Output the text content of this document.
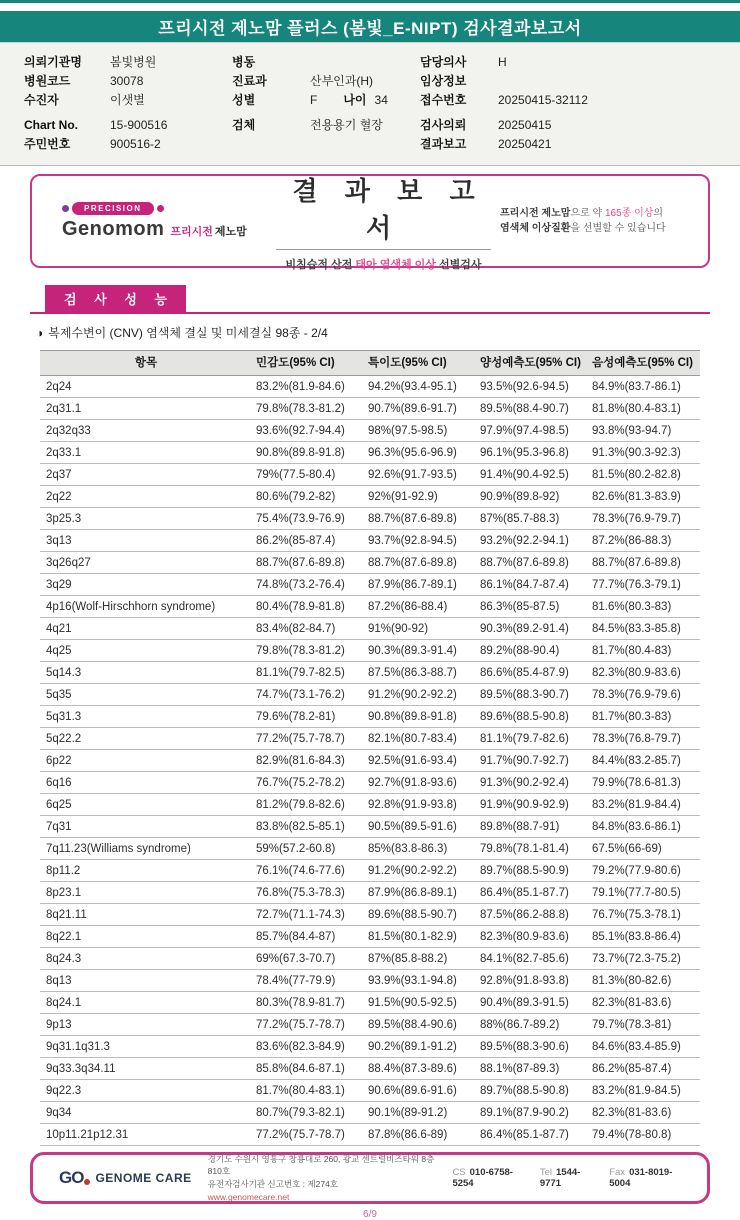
프리시전 제노맘 플러스 (봄빛_E-NIPT) 검사결과보고서
의뢰기관명	봄빛병원
병원코드	30078
수진자	이샛별
Chart No.	15-900516
주민번호	900516-2
병동
진료과	산부인과(H)
성별	F 나이 34
검체	전용용기 혈장
담당의사	H
임상정보
접수번호	20250415-32112
검사의뢰	20250415
결과보고	20250421
PRECISION
Genomom 프리시전 제노맘
결 과 보 고 서
비침습적 산전 태아 염색체 이상 선별검사
프리시전 제노맘으로 약 165종 이상의
염색체 이상질환을 선별할 수 있습니다
검 사 성 능
◑ 복제수변이 (CNV) 염색체 결실 및 미세결실 98종 - 2/4
항목	민감도(95% CI)	특이도(95% CI)	양성예측도(95% CI)	음성예측도(95% CI)
2q24	83.2%(81.9-84.6)	94.2%(93.4-95.1)	93.5%(92.6-94.5)	84.9%(83.7-86.1)
2q31.1	79.8%(78.3-81.2)	90.7%(89.6-91.7)	89.5%(88.4-90.7)	81.8%(80.4-83.1)
2q32q33	93.6%(92.7-94.4)	98%(97.5-98.5)	97.9%(97.4-98.5)	93.8%(93-94.7)
2q33.1	90.8%(89.8-91.8)	96.3%(95.6-96.9)	96.1%(95.3-96.8)	91.3%(90.3-92.3)
2q37	79%(77.5-80.4)	92.6%(91.7-93.5)	91.4%(90.4-92.5)	81.5%(80.2-82.8)
2q22	80.6%(79.2-82)	92%(91-92.9)	90.9%(89.8-92)	82.6%(81.3-83.9)
3p25.3	75.4%(73.9-76.9)	88.7%(87.6-89.8)	87%(85.7-88.3)	78.3%(76.9-79.7)
3q13	86.2%(85-87.4)	93.7%(92.8-94.5)	93.2%(92.2-94.1)	87.2%(86-88.3)
3q26q27	88.7%(87.6-89.8)	88.7%(87.6-89.8)	88.7%(87.6-89.8)	88.7%(87.6-89.8)
3q29	74.8%(73.2-76.4)	87.9%(86.7-89.1)	86.1%(84.7-87.4)	77.7%(76.3-79.1)
4p16(Wolf-Hirschhorn syndrome)	80.4%(78.9-81.8)	87.2%(86-88.4)	86.3%(85-87.5)	81.6%(80.3-83)
4q21	83.4%(82-84.7)	91%(90-92)	90.3%(89.2-91.4)	84.5%(83.3-85.8)
4q25	79.8%(78.3-81.2)	90.3%(89.3-91.4)	89.2%(88-90.4)	81.7%(80.4-83)
5q14.3	81.1%(79.7-82.5)	87.5%(86.3-88.7)	86.6%(85.4-87.9)	82.3%(80.9-83.6)
5q35	74.7%(73.1-76.2)	91.2%(90.2-92.2)	89.5%(88.3-90.7)	78.3%(76.9-79.6)
5q31.3	79.6%(78.2-81)	90.8%(89.8-91.8)	89.6%(88.5-90.8)	81.7%(80.3-83)
5q22.2	77.2%(75.7-78.7)	82.1%(80.7-83.4)	81.1%(79.7-82.6)	78.3%(76.8-79.7)
6p22	82.9%(81.6-84.3)	92.5%(91.6-93.4)	91.7%(90.7-92.7)	84.4%(83.2-85.7)
6q16	76.7%(75.2-78.2)	92.7%(91.8-93.6)	91.3%(90.2-92.4)	79.9%(78.6-81.3)
6q25	81.2%(79.8-82.6)	92.8%(91.9-93.8)	91.9%(90.9-92.9)	83.2%(81.9-84.4)
7q31	83.8%(82.5-85.1)	90.5%(89.5-91.6)	89.8%(88.7-91)	84.8%(83.6-86.1)
7q11.23(Williams syndrome)	59%(57.2-60.8)	85%(83.8-86.3)	79.8%(78.1-81.4)	67.5%(66-69)
8p11.2	76.1%(74.6-77.6)	91.2%(90.2-92.2)	89.7%(88.5-90.9)	79.2%(77.9-80.6)
8p23.1	76.8%(75.3-78.3)	87.9%(86.8-89.1)	86.4%(85.1-87.7)	79.1%(77.7-80.5)
8q21.11	72.7%(71.1-74.3)	89.6%(88.5-90.7)	87.5%(86.2-88.8)	76.7%(75.3-78.1)
8q22.1	85.7%(84.4-87)	81.5%(80.1-82.9)	82.3%(80.9-83.6)	85.1%(83.8-86.4)
8q24.3	69%(67.3-70.7)	87%(85.8-88.2)	84.1%(82.7-85.6)	73.7%(72.3-75.2)
8q13	78.4%(77-79.9)	93.9%(93.1-94.8)	92.8%(91.8-93.8)	81.3%(80-82.6)
8q24.1	80.3%(78.9-81.7)	91.5%(90.5-92.5)	90.4%(89.3-91.5)	82.3%(81-83.6)
9p13	77.2%(75.7-78.7)	89.5%(88.4-90.6)	88%(86.7-89.2)	79.7%(78.3-81)
9q31.1q31.3	83.6%(82.3-84.9)	90.2%(89.1-91.2)	89.5%(88.3-90.6)	84.6%(83.4-85.9)
9q33.3q34.11	85.8%(84.6-87.1)	88.4%(87.3-89.6)	88.1%(87-89.3)	86.2%(85-87.4)
9q22.3	81.7%(80.4-83.1)	90.6%(89.6-91.6)	89.7%(88.5-90.8)	83.2%(81.9-84.5)
9q34	80.7%(79.3-82.1)	90.1%(89-91.2)	89.1%(87.9-90.2)	82.3%(81-83.6)
10p11.21p12.31	77.2%(75.7-78.7)	87.8%(86.6-89)	86.4%(85.1-87.7)	79.4%(78-80.8)
GO	GENOME CARE
경기도 수원시 영통구 창룡대로 260, 광교 센트럴비즈타워 8층 810호
유전자검사기관 신고번호 : 제274호
www.genomecare.net
CS 010-6758-5254
Tel 1544-9771
Fax 031-8019-5004
6/9
